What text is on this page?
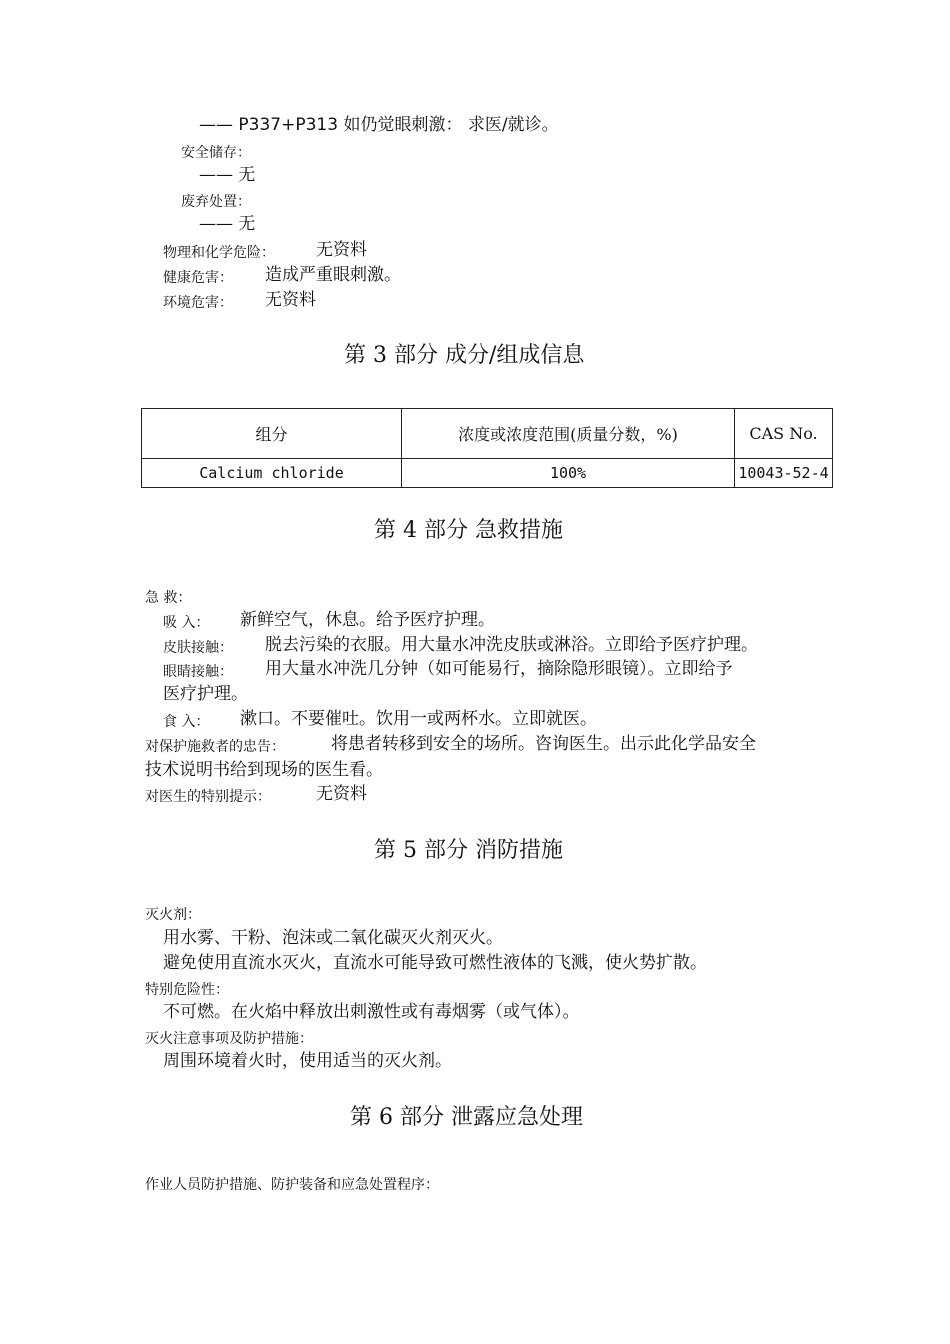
—— P337+P313 如仍觉眼刺激： 求医/就诊。
安全储存：
—— 无
废弃处置：
—— 无
物理和化学危险： 无资料
健康危害： 造成严重眼刺激。
环境危害： 无资料
第 3 部分 成分/组成信息
组分	浓度或浓度范围(质量分数，%)	CAS No.
Calcium chloride	100%	10043-52-4
第 4 部分 急救措施
急 救：
吸 入： 新鲜空气，休息。给予医疗护理。
皮肤接触： 脱去污染的衣服。用大量水冲洗皮肤或淋浴。立即给予医疗护理。
眼睛接触： 用大量水冲洗几分钟（如可能易行，摘除隐形眼镜）。立即给予
医疗护理。
食 入： 漱口。不要催吐。饮用一或两杯水。立即就医。
对保护施救者的忠告：	将患者转移到安全的场所。咨询医生。出示此化学品安全
技术说明书给到现场的医生看。
对医生的特别提示：	无资料
第 5 部分 消防措施
灭火剂：
用水雾、干粉、泡沫或二氧化碳灭火剂灭火。
避免使用直流水灭火，直流水可能导致可燃性液体的飞溅，使火势扩散。
特别危险性：
不可燃。在火焰中释放出刺激性或有毒烟雾（或气体）。
灭火注意事项及防护措施：
周围环境着火时，使用适当的灭火剂。
第 6 部分 泄露应急处理
作业人员防护措施、防护装备和应急处置程序：
